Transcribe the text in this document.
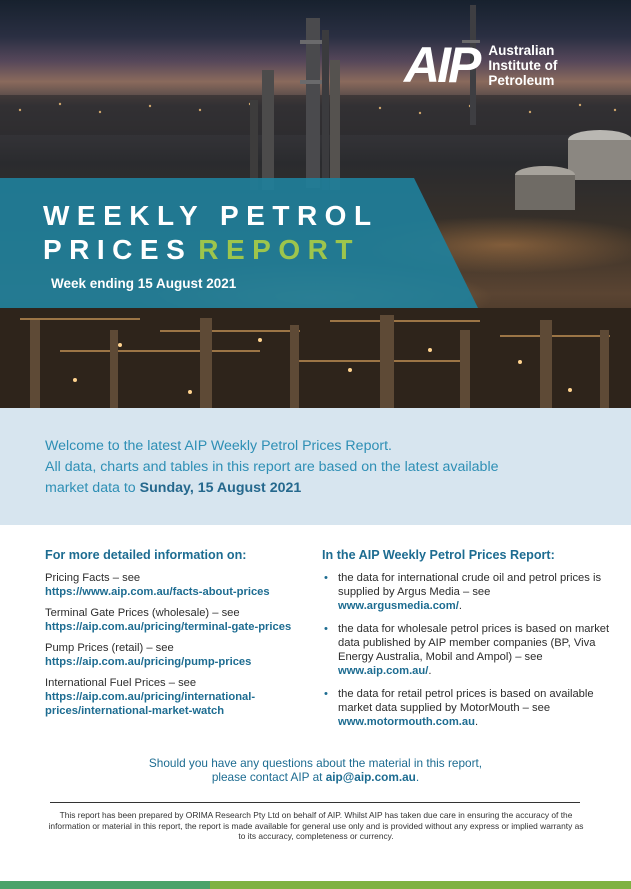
AIP Australian
Institute of
Petroleum
WEEKLY PETROL
PRICES REPORT
Week ending 15 August 2021

Welcome to the latest AIP Weekly Petrol Prices Report.

All data, charts and tables in this report are based on the latest available

market data to Sunday, 15 August 2021

For more detailed information on:
Pricing Facts – see
https://www.aip.com.au/facts-about-prices
Terminal Gate Prices (wholesale) – see
https://aip.com.au/pricing/terminal-gate-prices
Pump Prices (retail) – see
https://aip.com.au/pricing/pump-prices
International Fuel Prices – see
https://aip.com.au/pricing/international-
prices/international-market-watch
In the AIP Weekly Petrol Prices Report:
• the data for international crude oil and petrol prices is supplied by Argus Media – see www.argusmedia.com/.
• the data for wholesale petrol prices is based on market data published by AIP member companies (BP, Viva Energy Australia, Mobil and Ampol) – see www.aip.com.au/.
• the data for retail petrol prices is based on available market data supplied by MotorMouth – see www.motormouth.com.au.
Should you have any questions about the material in this report,
please contact AIP at aip@aip.com.au.
This report has been prepared by ORIMA Research Pty Ltd on behalf of AIP. Whilst AIP has taken due care in ensuring the accuracy of the information or material in this report, the report is made available for general use only and is provided without any express or implied warranty as to its accuracy, completeness or currency.
